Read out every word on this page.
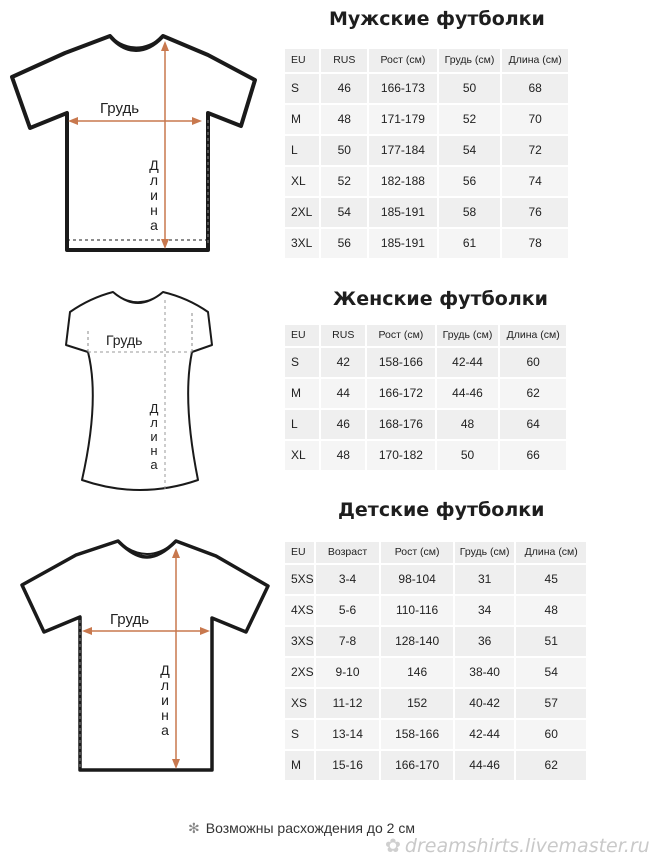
Грудь
Д
л
и
н
а
Мужские футболки
EU	RUS	Рост (см)	Грудь (см)	Длина (см)
S	46	166-173	50	68
M	48	171-179	52	70
L	50	177-184	54	72
XL	52	182-188	56	74
2XL	54	185-191	58	76
3XL	56	185-191	61	78
Грудь
Д
л
и
н
а
Женские футболки
EU	RUS	Рост (см)	Грудь (см)	Длина (см)
S	42	158-166	42-44	60
M	44	166-172	44-46	62
L	46	168-176	48	64
XL	48	170-182	50	66
Грудь
Д
л
и
н
а
Детские футболки
EU	Возраст	Рост (см)	Грудь (см)	Длина (см)
5XS	3-4	98-104	31	45
4XS	5-6	110-116	34	48
3XS	7-8	128-140	36	51
2XS	9-10	146	38-40	54
XS	11-12	152	40-42	57
S	13-14	158-166	42-44	60
M	15-16	166-170	44-46	62
✻ Возможны расхождения до 2 см
✿ dreamshirts.livemaster.ru
